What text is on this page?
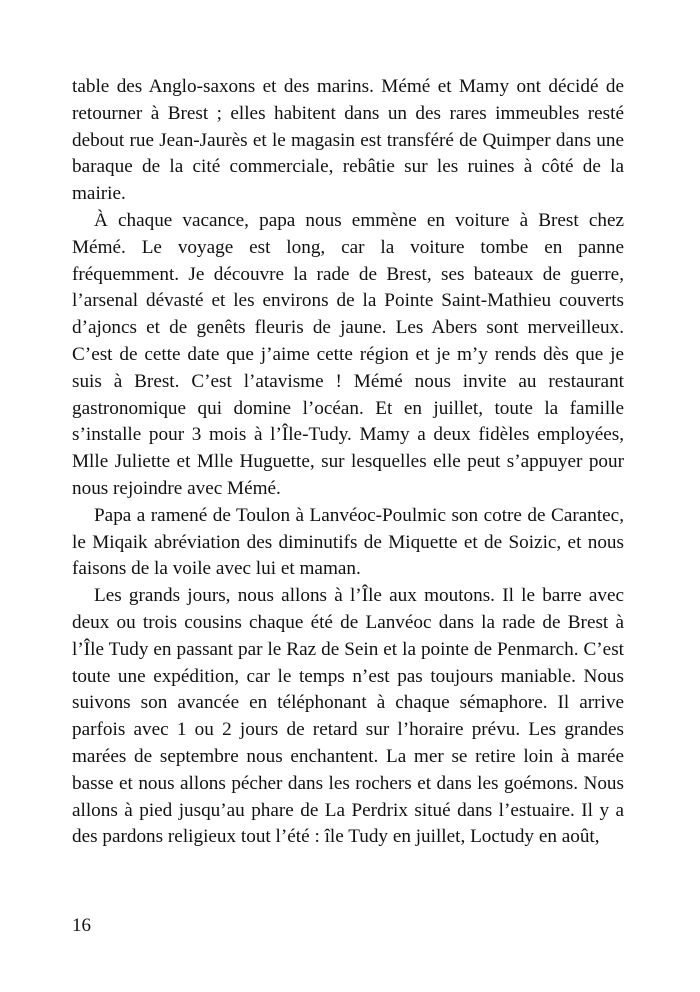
table des Anglo-saxons et des marins. Mémé et Mamy ont décidé de retourner à Brest ; elles habitent dans un des rares immeubles resté debout rue Jean-Jaurès et le magasin est transféré de Quimper dans une baraque de la cité commerciale, rebâtie sur les ruines à côté de la mairie.

À chaque vacance, papa nous emmène en voiture à Brest chez Mémé. Le voyage est long, car la voiture tombe en panne fréquemment. Je découvre la rade de Brest, ses bateaux de guerre, l’arsenal dévasté et les environs de la Pointe Saint-Mathieu couverts d’ajoncs et de genêts fleuris de jaune. Les Abers sont merveilleux. C’est de cette date que j’aime cette région et je m’y rends dès que je suis à Brest. C’est l’atavisme ! Mémé nous invite au restaurant gastronomique qui domine l’océan. Et en juillet, toute la famille s’installe pour 3 mois à l’Île-Tudy. Mamy a deux fidèles employées, Mlle Juliette et Mlle Huguette, sur lesquelles elle peut s’appuyer pour nous rejoindre avec Mémé.

Papa a ramené de Toulon à Lanvéoc-Poulmic son cotre de Carantec, le Miqaik abréviation des diminutifs de Miquette et de Soizic, et nous faisons de la voile avec lui et maman.

Les grands jours, nous allons à l’Île aux moutons. Il le barre avec deux ou trois cousins chaque été de Lanvéoc dans la rade de Brest à l’Île Tudy en passant par le Raz de Sein et la pointe de Penmarch. C’est toute une expédition, car le temps n’est pas toujours maniable. Nous suivons son avancée en téléphonant à chaque sémaphore. Il arrive parfois avec 1 ou 2 jours de retard sur l’horaire prévu. Les grandes marées de septembre nous enchantent. La mer se retire loin à marée basse et nous allons pécher dans les rochers et dans les goémons. Nous allons à pied jusqu’au phare de La Perdrix situé dans l’estuaire. Il y a des pardons religieux tout l’été : île Tudy en juillet, Loctudy en août,

16
